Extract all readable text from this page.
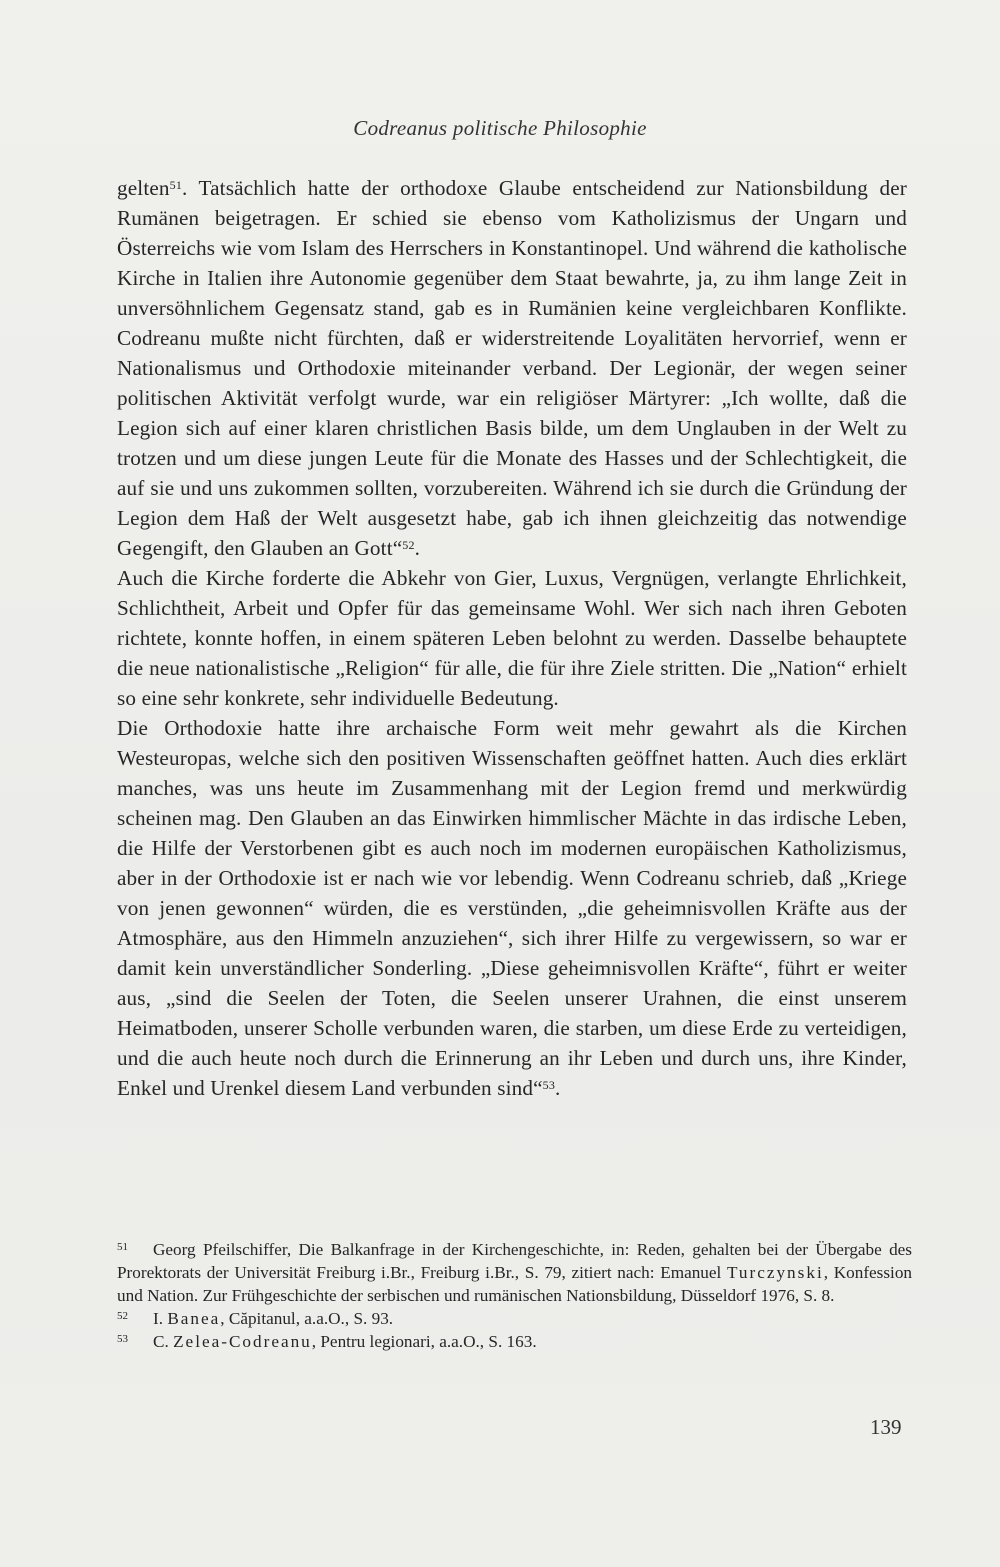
Codreanus politische Philosophie

gelten$^{51}$. Tatsächlich hatte der orthodoxe Glaube entscheidend zur Nationsbildung der Rumänen beigetragen. Er schied sie ebenso vom Katholizismus der Ungarn und Österreichs wie vom Islam des Herrschers in Konstantinopel. Und während die katholische Kirche in Italien ihre Autonomie gegenüber dem Staat bewahrte, ja, zu ihm lange Zeit in unversöhnlichem Gegensatz stand, gab es in Rumänien keine vergleichbaren Konflikte. Codreanu mußte nicht fürchten, daß er widerstreitende Loyalitäten hervorrief, wenn er Nationalismus und Orthodoxie miteinander verband. Der Legionär, der wegen seiner politischen Aktivität verfolgt wurde, war ein religiöser Märtyrer: „Ich wollte, daß die Legion sich auf einer klaren christlichen Basis bilde, um dem Unglauben in der Welt zu trotzen und um diese jungen Leute für die Monate des Hasses und der Schlechtigkeit, die auf sie und uns zukommen sollten, vorzubereiten. Während ich sie durch die Gründung der Legion dem Haß der Welt ausgesetzt habe, gab ich ihnen gleichzeitig das notwendige Gegengift, den Glauben an Gott“$^{52}$.

Auch die Kirche forderte die Abkehr von Gier, Luxus, Vergnügen, verlangte Ehrlichkeit, Schlichtheit, Arbeit und Opfer für das gemeinsame Wohl. Wer sich nach ihren Geboten richtete, konnte hoffen, in einem späteren Leben belohnt zu werden. Dasselbe behauptete die neue nationalistische „Religion“ für alle, die für ihre Ziele stritten. Die „Nation“ erhielt so eine sehr konkrete, sehr individuelle Bedeutung.

Die Orthodoxie hatte ihre archaische Form weit mehr gewahrt als die Kirchen Westeuropas, welche sich den positiven Wissenschaften geöffnet hatten. Auch dies erklärt manches, was uns heute im Zusammenhang mit der Legion fremd und merkwürdig scheinen mag. Den Glauben an das Einwirken himmlischer Mächte in das irdische Leben, die Hilfe der Verstorbenen gibt es auch noch im modernen europäischen Katholizismus, aber in der Orthodoxie ist er nach wie vor lebendig. Wenn Codreanu schrieb, daß „Kriege von jenen gewonnen“ würden, die es verstünden, „die geheimnisvollen Kräfte aus der Atmosphäre, aus den Himmeln anzuziehen“, sich ihrer Hilfe zu vergewissern, so war er damit kein unverständlicher Sonderling. „Diese geheimnisvollen Kräfte“, führt er weiter aus, „sind die Seelen der Toten, die Seelen unserer Urahnen, die einst unserem Heimatboden, unserer Scholle verbunden waren, die starben, um diese Erde zu verteidigen, und die auch heute noch durch die Erinnerung an ihr Leben und durch uns, ihre Kinder, Enkel und Urenkel diesem Land verbunden sind“$^{53}$.

$^{51}$ Georg Pfeilschiffer, Die Balkanfrage in der Kirchengeschichte, in: Reden, gehalten bei der Übergabe des Prorektorats der Universität Freiburg i.Br., Freiburg i.Br., S. 79, zitiert nach: Emanuel Turczynski, Konfession und Nation. Zur Frühgeschichte der serbischen und rumänischen Nationsbildung, Düsseldorf 1976, S. 8.

$^{52}$ I. Banea, Căpitanul, a.a.O., S. 93.

$^{53}$ C. Zelea-Codreanu, Pentru legionari, a.a.O., S. 163.

139
